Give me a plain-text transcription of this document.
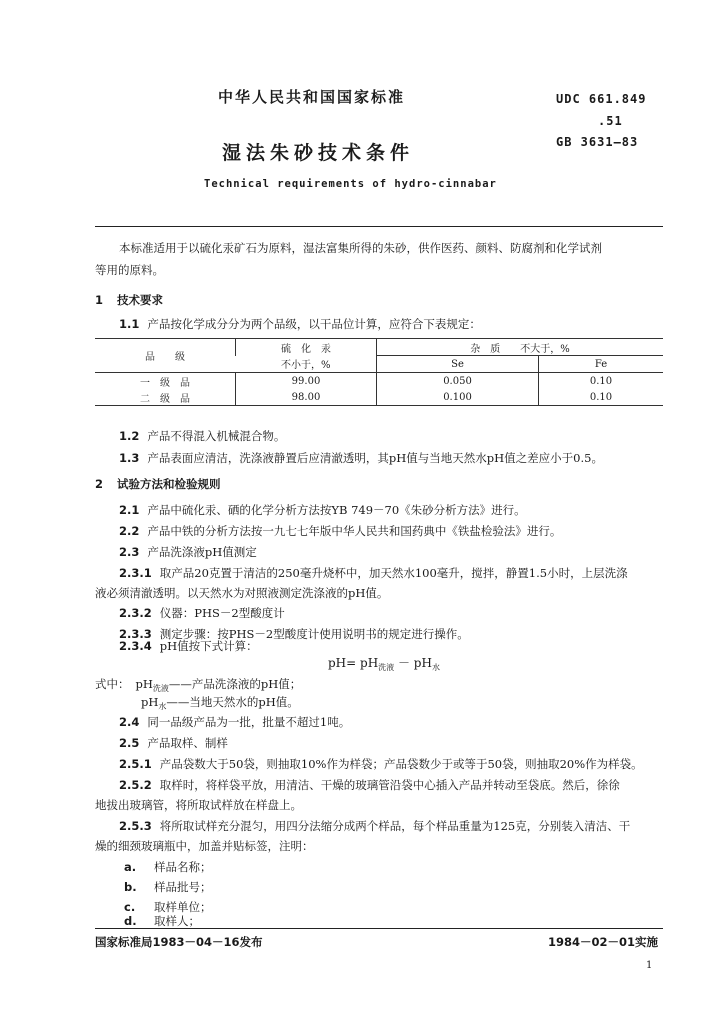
中华人民共和国国家标准	UDC 661.849
.51
GB 3631—83
湿法朱砂技术条件
Technical requirements of hydro-cinnabar
本标准适用于以硫化汞矿石为原料，湿法富集所得的朱砂，供作医药、颜料、防腐剂和化学试剂
等用的原料。
1 技术要求
1.1 产品按化学成分分为两个品级，以干品位计算，应符合下表规定：
品　　级	硫　化　汞	杂　质　　不大于，%	
	不小于，%	Se	Fe
一　级　品	99.00	0.050	0.10
二　级　品	98.00	0.100	0.10
1.2 产品不得混入机械混合物。
1.3 产品表面应清洁，洗涤液静置后应清澈透明，其pH值与当地天然水pH值之差应小于0.5。
2 试验方法和检验规则
2.1 产品中硫化汞、硒的化学分析方法按YB 749－70《朱砂分析方法》进行。
2.2 产品中铁的分析方法按一九七七年版中华人民共和国药典中《铁盐检验法》进行。
2.3 产品洗涤液pH值测定
2.3.1 取产品20克置于清洁的250毫升烧杯中，加天然水100毫升，搅拌，静置1.5小时，上层洗涤
液必须清澈透明。以天然水为对照液测定洗涤液的pH值。
2.3.2 仪器：PHS－2型酸度计
2.3.3 测定步骤：按PHS－2型酸度计使用说明书的规定进行操作。
2.3.4 pH值按下式计算：
$pH= pH_{洗液} - pH_水$
式中： $pH_{洗液}——$产品洗涤液的pH值；
$pH_水——$当地天然水的pH值。
2.4 同一品级产品为一批，批量不超过1吨。
2.5 产品取样、制样
2.5.1 产品袋数大于50袋，则抽取10%作为样袋；产品袋数少于或等于50袋，则抽取20%作为样袋。
2.5.2 取样时，将样袋平放，用清洁、干燥的玻璃管沿袋中心插入产品并转动至袋底。然后，徐徐
地拔出玻璃管，将所取试样放在样盘上。
2.5.3 将所取试样充分混匀，用四分法缩分成两个样品，每个样品重量为125克，分别装入清洁、干
燥的细颈玻璃瓶中，加盖并贴标签，注明：
a. 样品名称；
b. 样品批号；
c. 取样单位；
d. 取样人；
国家标准局1983－04－16发布	1984－02－01实施
1
